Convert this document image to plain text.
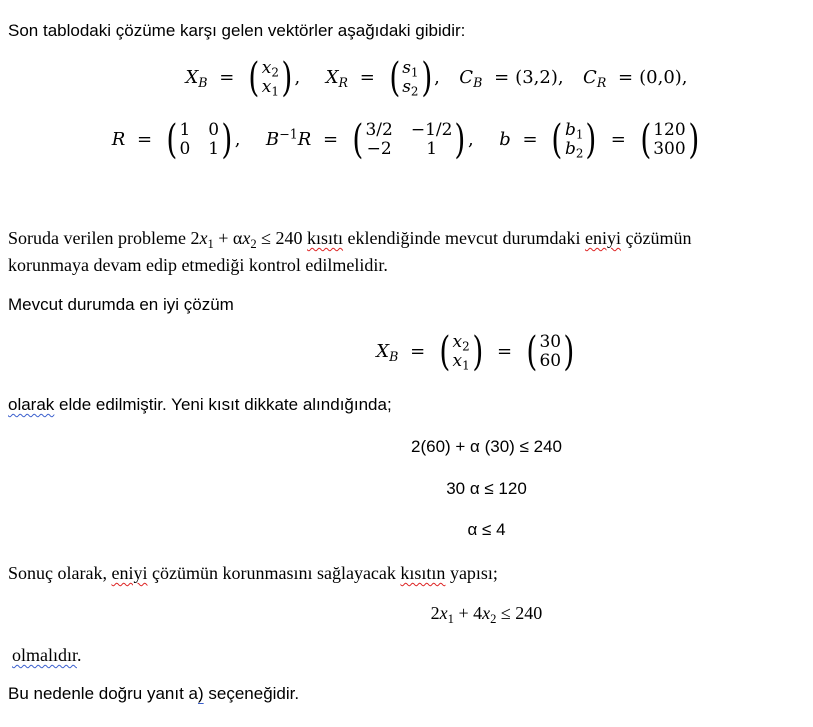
Son tablodaki çözüme karşı gelen vektörler aşağıdaki gibidir:
$X_B$ = ( $x_2$
$x_1$ ) ,  $X_R$ = ( $s_1$
$s_2$ ) ,  $C_B = (3,2)$,  $C_R = (0,0)$,
R = ( 1 0
0 1 ) ,  $B^{-1}R$ = ( 3/2 −1/2
−2	1 ) ,  b = ( $b_1$
$b_2$ ) = ( 120
300 )
Soruda verilen probleme $2x_1 + \alpha x_2 \le 240$ kısıtı eklendiğinde mevcut durumdaki eniyi çözümün
korunmaya devam edip etmediği kontrol edilmelidir.
Mevcut durumda en iyi çözüm
$X_B$ = ( $x_2$
$x_1$ ) = ( 30
60 )
olarak elde edilmiştir. Yeni kısıt dikkate alındığında;
2(60) + α (30) ≤ 240
30 α ≤ 120
α ≤ 4
Sonuç olarak, eniyi çözümün korunmasını sağlayacak kısıtın yapısı;
$2x_1 + 4x_2 \le 240$
olmalıdır.
Bu nedenle doğru yanıt a) seçeneğidir.
